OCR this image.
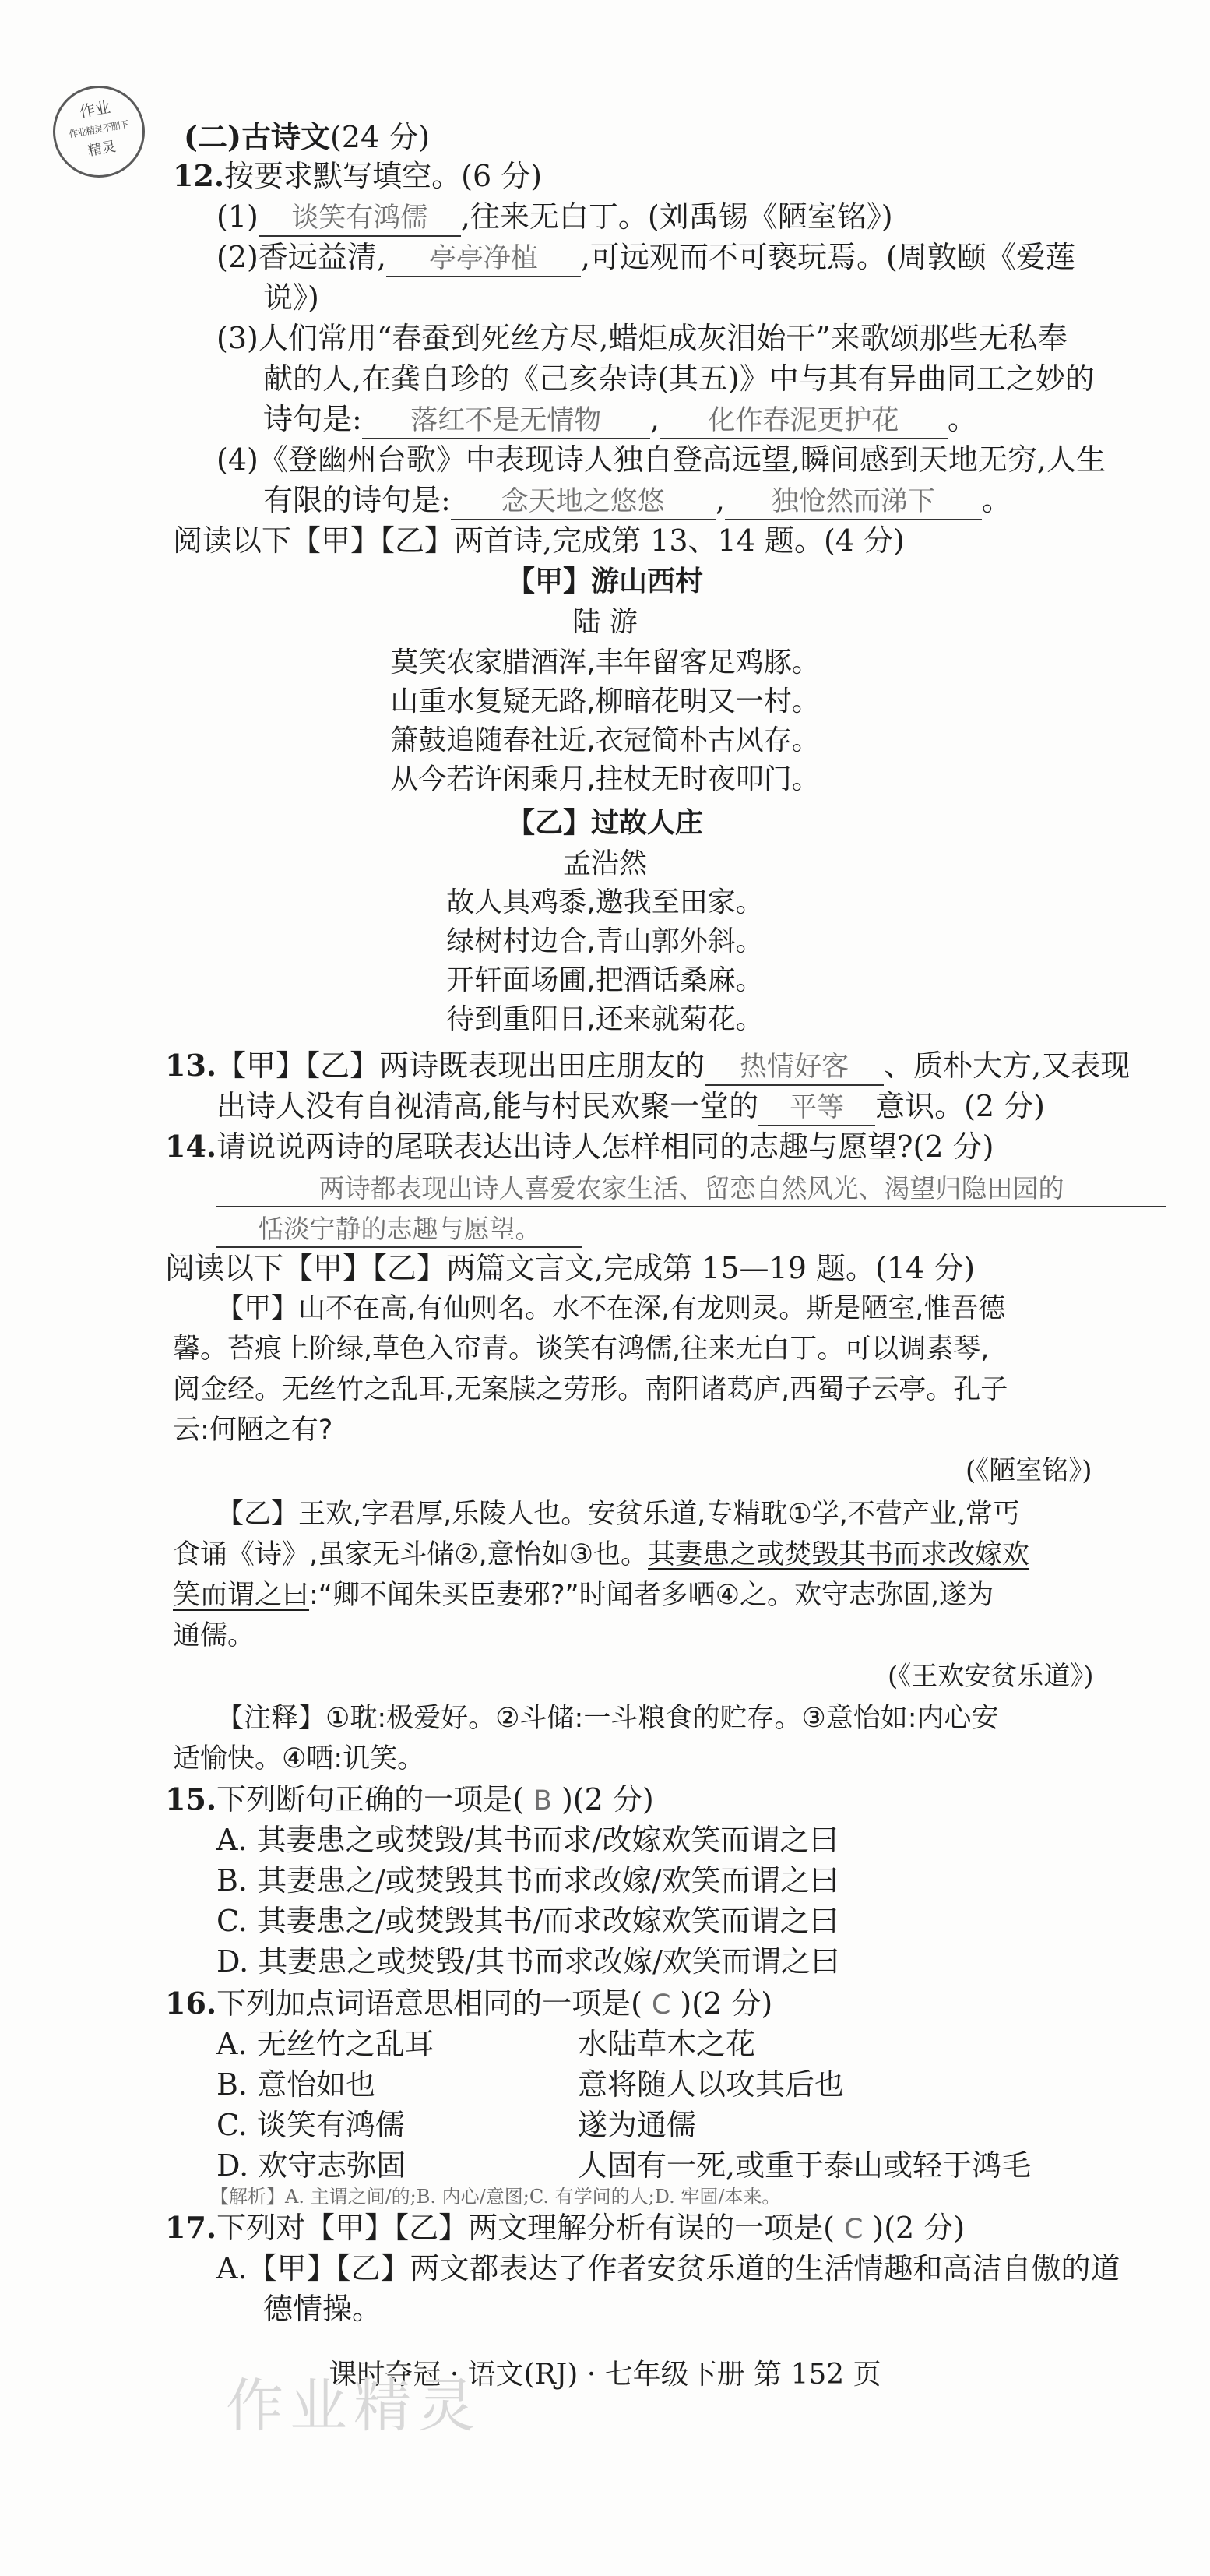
作业
作业精灵不删下
精灵	(二)古诗文(24 分)
12.按要求默写填空。(6 分)
(1) 谈笑有鸿儒 ,往来无白丁。(刘禹锡《陋室铭》)
(2)香远益清, 亭亭净植 ,可远观而不可亵玩焉。(周敦颐《爱莲
说》)
(3)人们常用“春蚕到死丝方尽,蜡炬成灰泪始干”来歌颂那些无私奉
献的人,在龚自珍的《己亥杂诗(其五)》中与其有异曲同工之妙的
诗句是: 落红不是无情物 , 化作春泥更护花 。
(4)《登幽州台歌》中表现诗人独自登高远望,瞬间感到天地无穷,人生
有限的诗句是: 念天地之悠悠 , 独怆然而涕下 。
阅读以下【甲】【乙】两首诗,完成第 13、14 题。(4 分)
【甲】游山西村
陆 游
莫笑农家腊酒浑,丰年留客足鸡豚。
山重水复疑无路,柳暗花明又一村。
箫鼓追随春社近,衣冠简朴古风存。
从今若许闲乘月,拄杖无时夜叩门。
【乙】过故人庄
孟浩然
故人具鸡黍,邀我至田家。
绿树村边合,青山郭外斜。
开轩面场圃,把酒话桑麻。
待到重阳日,还来就菊花。
13.【甲】【乙】两诗既表现出田庄朋友的 热情好客 、质朴大方,又表现
出诗人没有自视清高,能与村民欢聚一堂的 平等 意识。(2 分)
14.请说说两诗的尾联表达出诗人怎样相同的志趣与愿望?(2 分)
两诗都表现出诗人喜爱农家生活、留恋自然风光、渴望归隐田园的
恬淡宁静的志趣与愿望。
阅读以下【甲】【乙】两篇文言文,完成第 15—19 题。(14 分)
【甲】山不在高,有仙则名。水不在深,有龙则灵。斯是陋室,惟吾德
馨。苔痕上阶绿,草色入帘青。谈笑有鸿儒,往来无白丁。可以调素琴,
阅金经。无丝竹之乱耳,无案牍之劳形。南阳诸葛庐,西蜀子云亭。孔子
云:何陋之有?
(《陋室铭》)
【乙】王欢,字君厚,乐陵人也。安贫乐道,专精耽①学,不营产业,常丐
食诵《诗》,虽家无斗储②,意怡如③也。其妻患之或焚毁其书而求改嫁欢
笑而谓之曰:“卿不闻朱买臣妻邪?”时闻者多哂④之。欢守志弥固,遂为
通儒。
(《王欢安贫乐道》)
【注释】①耽:极爱好。②斗储:一斗粮食的贮存。③意怡如:内心安
适愉快。④哂:讥笑。
15.下列断句正确的一项是( B )(2 分)
A. 其妻患之或焚毁/其书而求/改嫁欢笑而谓之曰
B. 其妻患之/或焚毁其书而求改嫁/欢笑而谓之曰
C. 其妻患之/或焚毁其书/而求改嫁欢笑而谓之曰
D. 其妻患之或焚毁/其书而求改嫁/欢笑而谓之曰
16.下列加点词语意思相同的一项是( C )(2 分)
A. 无丝竹之乱耳	水陆草木之花
B. 意怡如也	意将随人以攻其后也
C. 谈笑有鸿儒	遂为通儒
D. 欢守志弥固	人固有一死,或重于泰山或轻于鸿毛
【解析】A. 主谓之间/的;B. 内心/意图;C. 有学问的人;D. 牢固/本来。
17.下列对【甲】【乙】两文理解分析有误的一项是( C )(2 分)
A.【甲】【乙】两文都表达了作者安贫乐道的生活情趣和高洁自傲的道
德情操。
课时夺冠 · 语文(RJ) · 七年级下册 第 152 页
作业精灵
